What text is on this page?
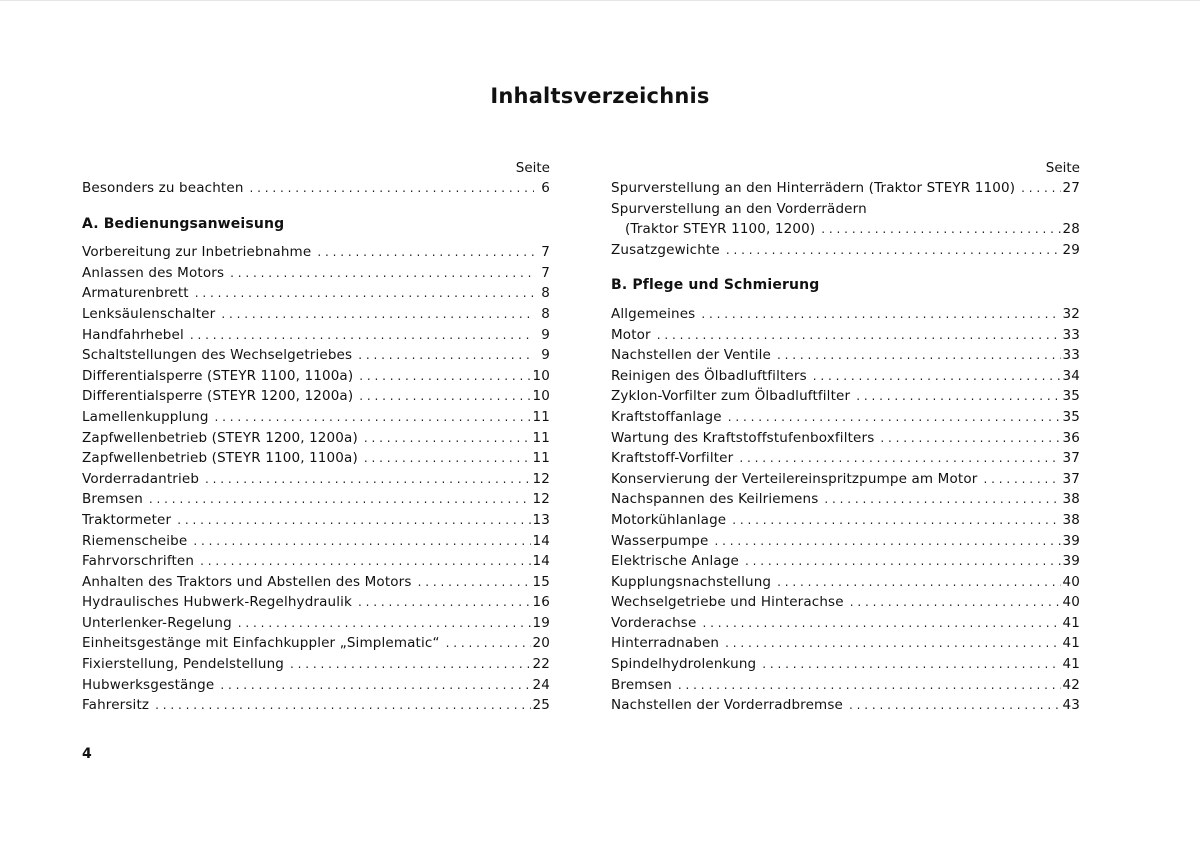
Inhaltsverzeichnis
Seite
Besonders zu beachten . . .	6
A. Bedienungsanweisung
Vorbereitung zur Inbetriebnahme . . .	7
Anlassen des Motors . . .	7
Armaturenbrett . . .	8
Lenksäulenschalter . . .	8
Handfahrhebel . . .	9
Schaltstellungen des Wechselgetriebes . . .	9
Differentialsperre (STEYR 1100, 1100a) . . .	10
Differentialsperre (STEYR 1200, 1200a) . . .	10
Lamellenkupplung . . .	11
Zapfwellenbetrieb (STEYR 1200, 1200a) . . .	11
Zapfwellenbetrieb (STEYR 1100, 1100a) . . .	11
Vorderradantrieb . . .	12
Bremsen . . .	12
Traktormeter . . .	13
Riemenscheibe . . .	14
Fahrvorschriften . . .	14
Anhalten des Traktors und Abstellen des Motors . . .	15
Hydraulisches Hubwerk-Regelhydraulik . . .	16
Unterlenker-Regelung . . .	19
Einheitsgestänge mit Einfachkuppler „Simplematic“ . . .	20
Fixierstellung, Pendelstellung . . .	22
Hubwerksgestänge . . .	24
Fahrersitz . . .	25
Seite
Spurverstellung an den Hinterrädern (Traktor STEYR 1100) . . .	27
Spurverstellung an den Vorderrädern
(Traktor STEYR 1100, 1200) . . .	28
Zusatzgewichte . . .	29
B. Pflege und Schmierung
Allgemeines . . .	32
Motor . . .	33
Nachstellen der Ventile . . .	33
Reinigen des Ölbadluftfilters . . .	34
Zyklon-Vorfilter zum Ölbadluftfilter . . .	35
Kraftstoffanlage . . .	35
Wartung des Kraftstoffstufenboxfilters . . .	36
Kraftstoff-Vorfilter . . .	37
Konservierung der Verteilereinspritzpumpe am Motor . . .	37
Nachspannen des Keilriemens . . .	38
Motorkühlanlage . . .	38
Wasserpumpe . . .	39
Elektrische Anlage . . .	39
Kupplungsnachstellung . . .	40
Wechselgetriebe und Hinterachse . . .	40
Vorderachse . . .	41
Hinterradnaben . . .	41
Spindelhydrolenkung . . .	41
Bremsen . . .	42
Nachstellen der Vorderradbremse . . .	43
4
